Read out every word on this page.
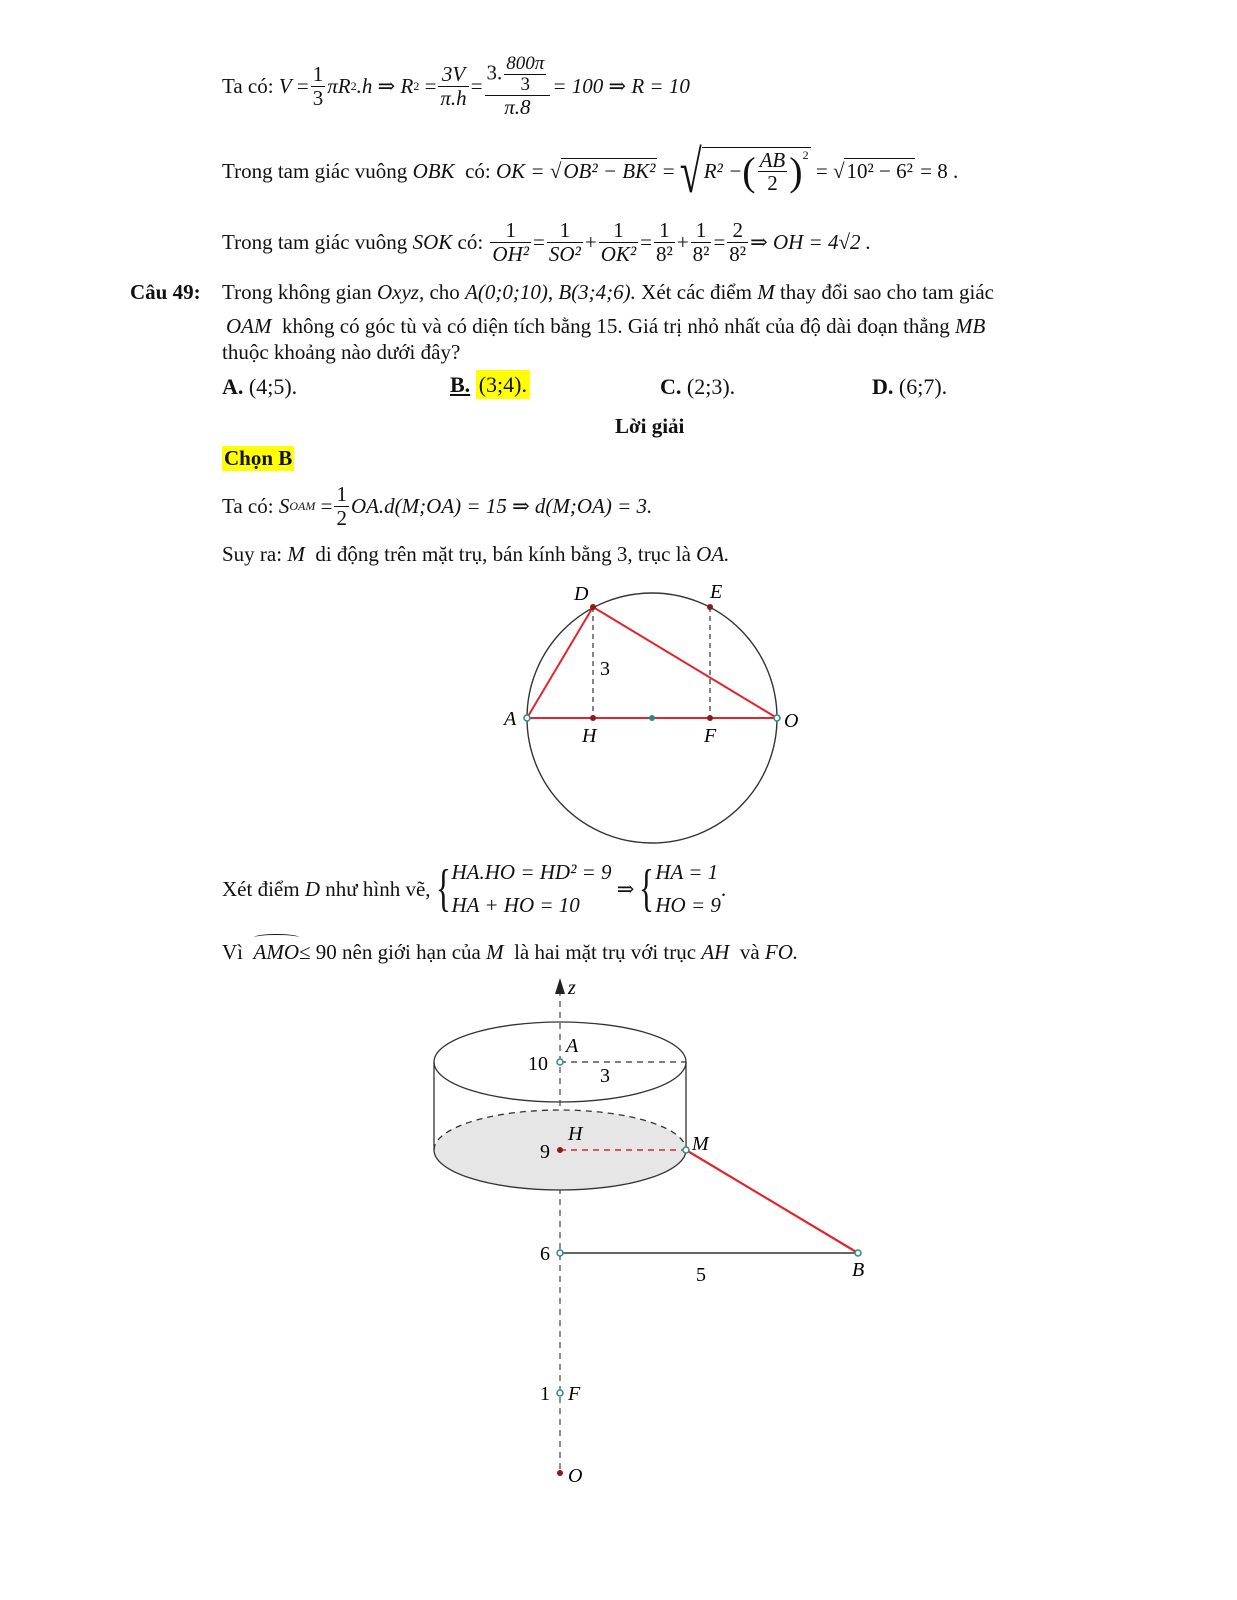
Ta có:
$V = \frac{1}{3}$ πR 2 .h ⇒ R 2
= $\frac{3V}{\pi.h} = \frac{3. \frac{800\pi}{3}}{\pi.8} = 100$ ⇒ R = 10
Trong tam giác vuông
OBK
có:
OK = √ OB² − BK²
=
√ R² − ( $\frac{AB}{2} )^2$

= √ 10² − 6²
= 8 .
Trong tam giác vuông
SOK
có:
$\frac{1}{\text{OH²}} = \frac{1}{\text{SO²}} + \frac{1}{\text{OK²}} = \frac{1}{\text{8²}} + \frac{1}{\text{8²}} = \frac{2}{\text{8²}}$ ⇒ OH = 4√2 .
Câu 49: Trong không gian Oxyz, cho A(0;0;10), B(3;4;6). Xét các điểm M thay đổi sao cho tam giác
OAM không có góc tù và có diện tích bằng 15. Giá trị nhỏ nhất của độ dài đoạn thẳng MB
thuộc khoảng nào dưới đây?
A. (4;5).	B. (3;4).	C. (2;3).	D. (6;7).
Lời giải
Chọn B
Ta có:
S OAM
= $\frac{1}{2}$ OA.d(M;OA) = 15 ⇒ d(M;OA) = 3.
Suy ra: M di động trên mặt trụ, bán kính bằng 3, trục là OA.
D	E
A	O
H	F
3
Xét điểm
D
như hình vẽ, { HA.HO = HD² = 9
HA + HO = 10

⇒ { HA = 1
HO = 9
.
Vì AMO≤ 90 nên giới hạn của M là hai mặt trụ với trục AH và FO.
z
10
A
3
9
H	M
6
5	B
1 F
O
